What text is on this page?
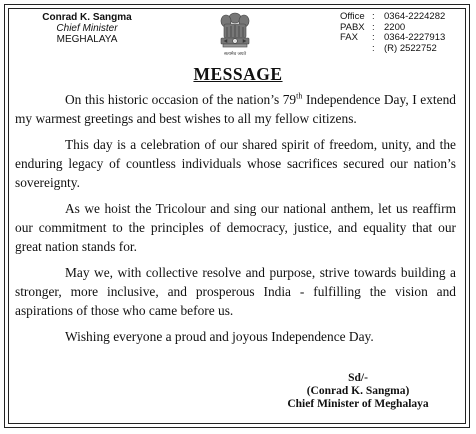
Conrad K. Sangma
Chief Minister
MEGHALAYA
सत्यमेव जयते
Office : 0364-2224282
PABX : 2200
FAX	: 0364-2227913
: (R) 2522752
MESSAGE

On this historic occasion of the nation’s 79th Independence Day, I extend my warmest greetings and best wishes to all my fellow citizens.

This day is a celebration of our shared spirit of freedom, unity, and the enduring legacy of countless individuals whose sacrifices secured our nation’s sovereignty.

As we hoist the Tricolour and sing our national anthem, let us reaffirm our commitment to the principles of democracy, justice, and equality that our great nation stands for.

May we, with collective resolve and purpose, strive towards building a stronger, more inclusive, and prosperous India - fulfilling the vision and aspirations of those who came before us.

Wishing everyone a proud and joyous Independence Day.

Sd/-
(Conrad K. Sangma)
Chief Minister of Meghalaya
